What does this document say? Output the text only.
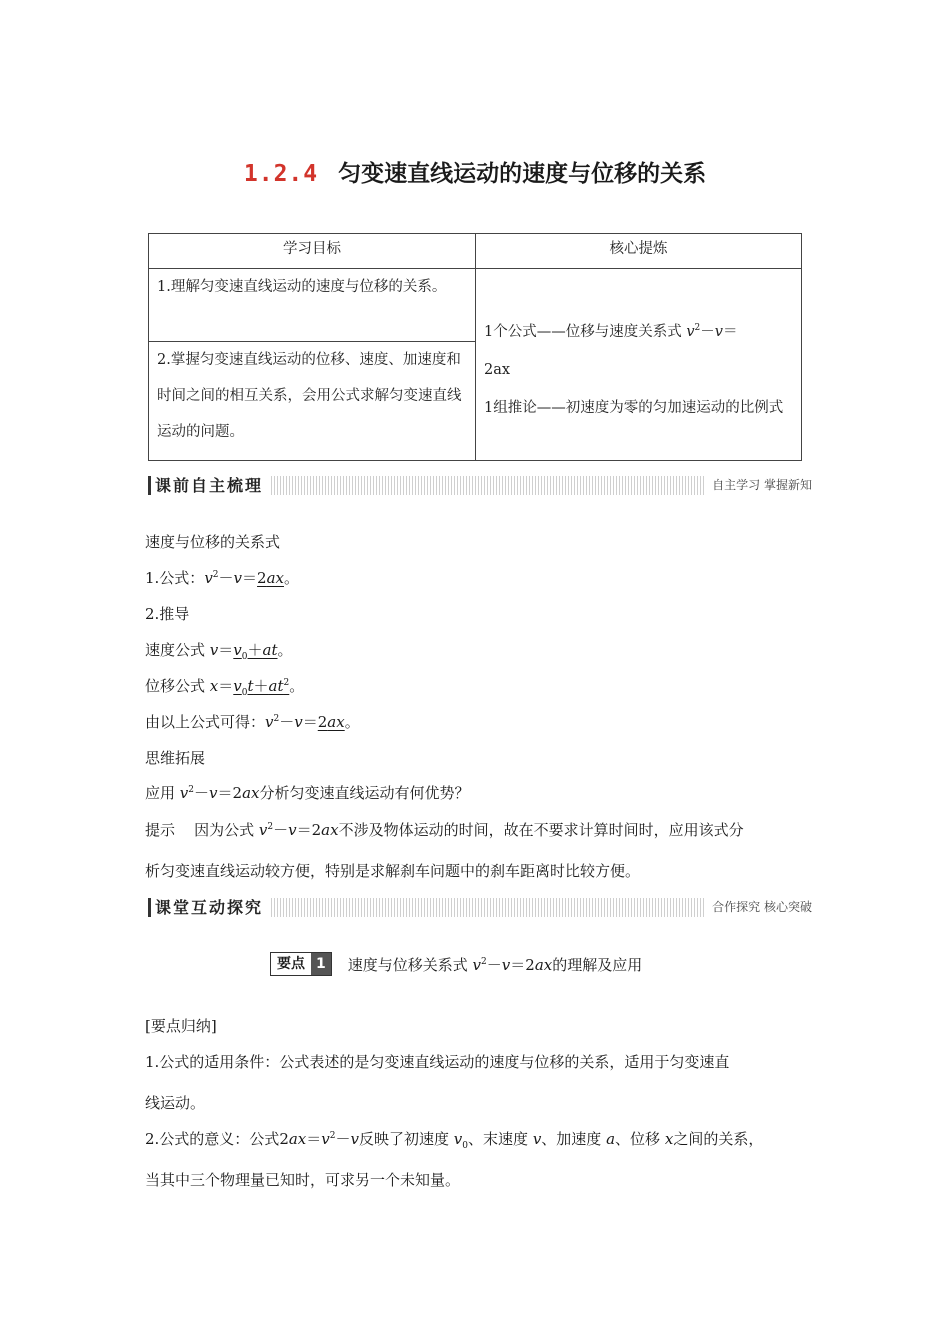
1.2.4 匀变速直线运动的速度与位移的关系
学习目标	核心提炼
1.理解匀变速直线运动的速度与位移的关系。	1个公式——位移与速度关系式 $v^2-v=$
2ax
1组推论——初速度为零的匀加速运动的比例式

2.掌握匀变速直线运动的位移、速度、加速度和时间之间的相互关系，会用公式求解匀变速直线运动的问题。	
课前自主梳理	自主学习 掌握新知
速度与位移的关系式
1.公式：$v^2-v=2ax$。
2.推导
速度公式 $v=v_0+at$。
位移公式 $x=v_0t+at^2$。
由以上公式可得：$v^2-v=2ax$。
思维拓展
应用 $v^2-v=2ax$分析匀变速直线运动有何优势？
提示 因为公式 $v^2-v=2ax$不涉及物体运动的时间，故在不要求计算时间时，应用该式分
析匀变速直线运动较方便，特别是求解刹车问题中的刹车距离时比较方便。
课堂互动探究	合作探究 核心突破
要点 1 速度与位移关系式 $v^2-v=2ax$的理解及应用
[要点归纳]
1.公式的适用条件：公式表述的是匀变速直线运动的速度与位移的关系，适用于匀变速直
线运动。
2.公式的意义：公式$2ax=v^2-v$反映了初速度 $v_0$、末速度 v、加速度 a、位移 x之间的关系，
当其中三个物理量已知时，可求另一个未知量。
